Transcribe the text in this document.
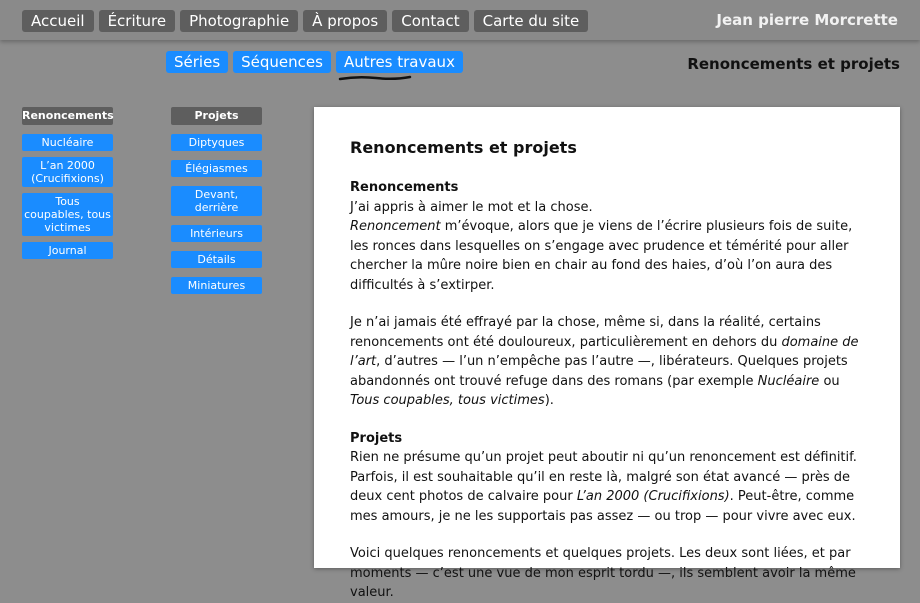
Accueil	Écriture	Photographie	À propos	Contact	Carte du site	Jean pierre Morcrette
Séries	Séquences	Autres travaux	Renoncements et projets
Renoncements
Nucléaire
L’an 2000 (Crucifixions)
Tous coupables, tous victimes
Journal
Projets
Diptyques
Élégiasmes
Devant, derrière
Intérieurs
Détails
Miniatures
Renoncements et projets
Renoncements

J’ai appris à aimer le mot et la chose.

Renoncement m’évoque, alors que je viens de l’écrire plusieurs fois de suite, les ronces dans lesquelles on s’engage avec prudence et témérité pour aller chercher la mûre noire bien en chair au fond des haies, d’où l’on aura des difficultés à s’extirper.

Je n’ai jamais été effrayé par la chose, même si, dans la réalité, certains renoncements ont été douloureux, particulièrement en dehors du domaine de l’art, d’autres — l’un n’empêche pas l’autre —, libérateurs. Quelques projets abandonnés ont trouvé refuge dans des romans (par exemple Nucléaire ou Tous coupables, tous victimes).

Projets

Rien ne présume qu’un projet peut aboutir ni qu’un renoncement est définitif. Parfois, il est souhaitable qu’il en reste là, malgré son état avancé — près de deux cent photos de calvaire pour L’an 2000 (Crucifixions). Peut-être, comme mes amours, je ne les supportais pas assez — ou trop — pour vivre avec eux.

Voici quelques renoncements et quelques projets. Les deux sont liées, et par moments — c’est une vue de mon esprit tordu —, ils semblent avoir la même valeur.
